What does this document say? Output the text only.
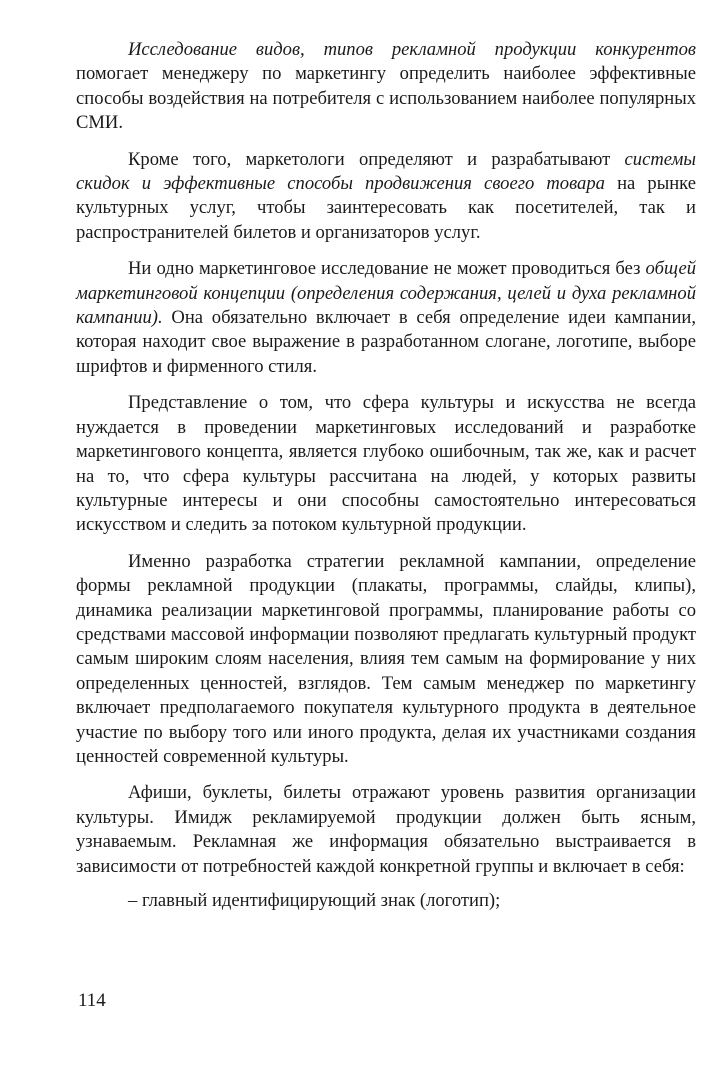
Исследование видов, типов рекламной продукции конкурентов помогает менеджеру по маркетингу определить наиболее эффективные способы воздействия на потребителя с использованием наиболее популярных СМИ.

Кроме того, маркетологи определяют и разрабатывают системы скидок и эффективные способы продвижения своего товара на рынке культурных услуг, чтобы заинтересовать как посетителей, так и распространителей билетов и организаторов услуг.

Ни одно маркетинговое исследование не может проводиться без общей маркетинговой концепции (определения содержания, целей и духа рекламной кампании). Она обязательно включает в себя определение идеи кампании, которая находит свое выражение в разработанном слогане, логотипе, выборе шрифтов и фирменного стиля.

Представление о том, что сфера культуры и искусства не всегда нуждается в проведении маркетинговых исследований и разработке маркетингового концепта, является глубоко ошибочным, так же, как и расчет на то, что сфера культуры рассчитана на людей, у которых развиты культурные интересы и они способны самостоятельно интересоваться искусством и следить за потоком культурной продукции.

Именно разработка стратегии рекламной кампании, определение формы рекламной продукции (плакаты, программы, слайды, клипы), динамика реализации маркетинговой программы, планирование работы со средствами массовой информации позволяют предлагать культурный продукт самым широким слоям населения, влияя тем самым на формирование у них определенных ценностей, взглядов. Тем самым менеджер по маркетингу включает предполагаемого покупателя культурного продукта в деятельное участие по выбору того или иного продукта, делая их участниками создания ценностей современной культуры.

Афиши, буклеты, билеты отражают уровень развития организации культуры. Имидж рекламируемой продукции должен быть ясным, узнаваемым. Рекламная же информация обязательно выстраивается в зависимости от потребностей каждой конкретной группы и включает в себя:

– главный идентифицирующий знак (логотип);

114
